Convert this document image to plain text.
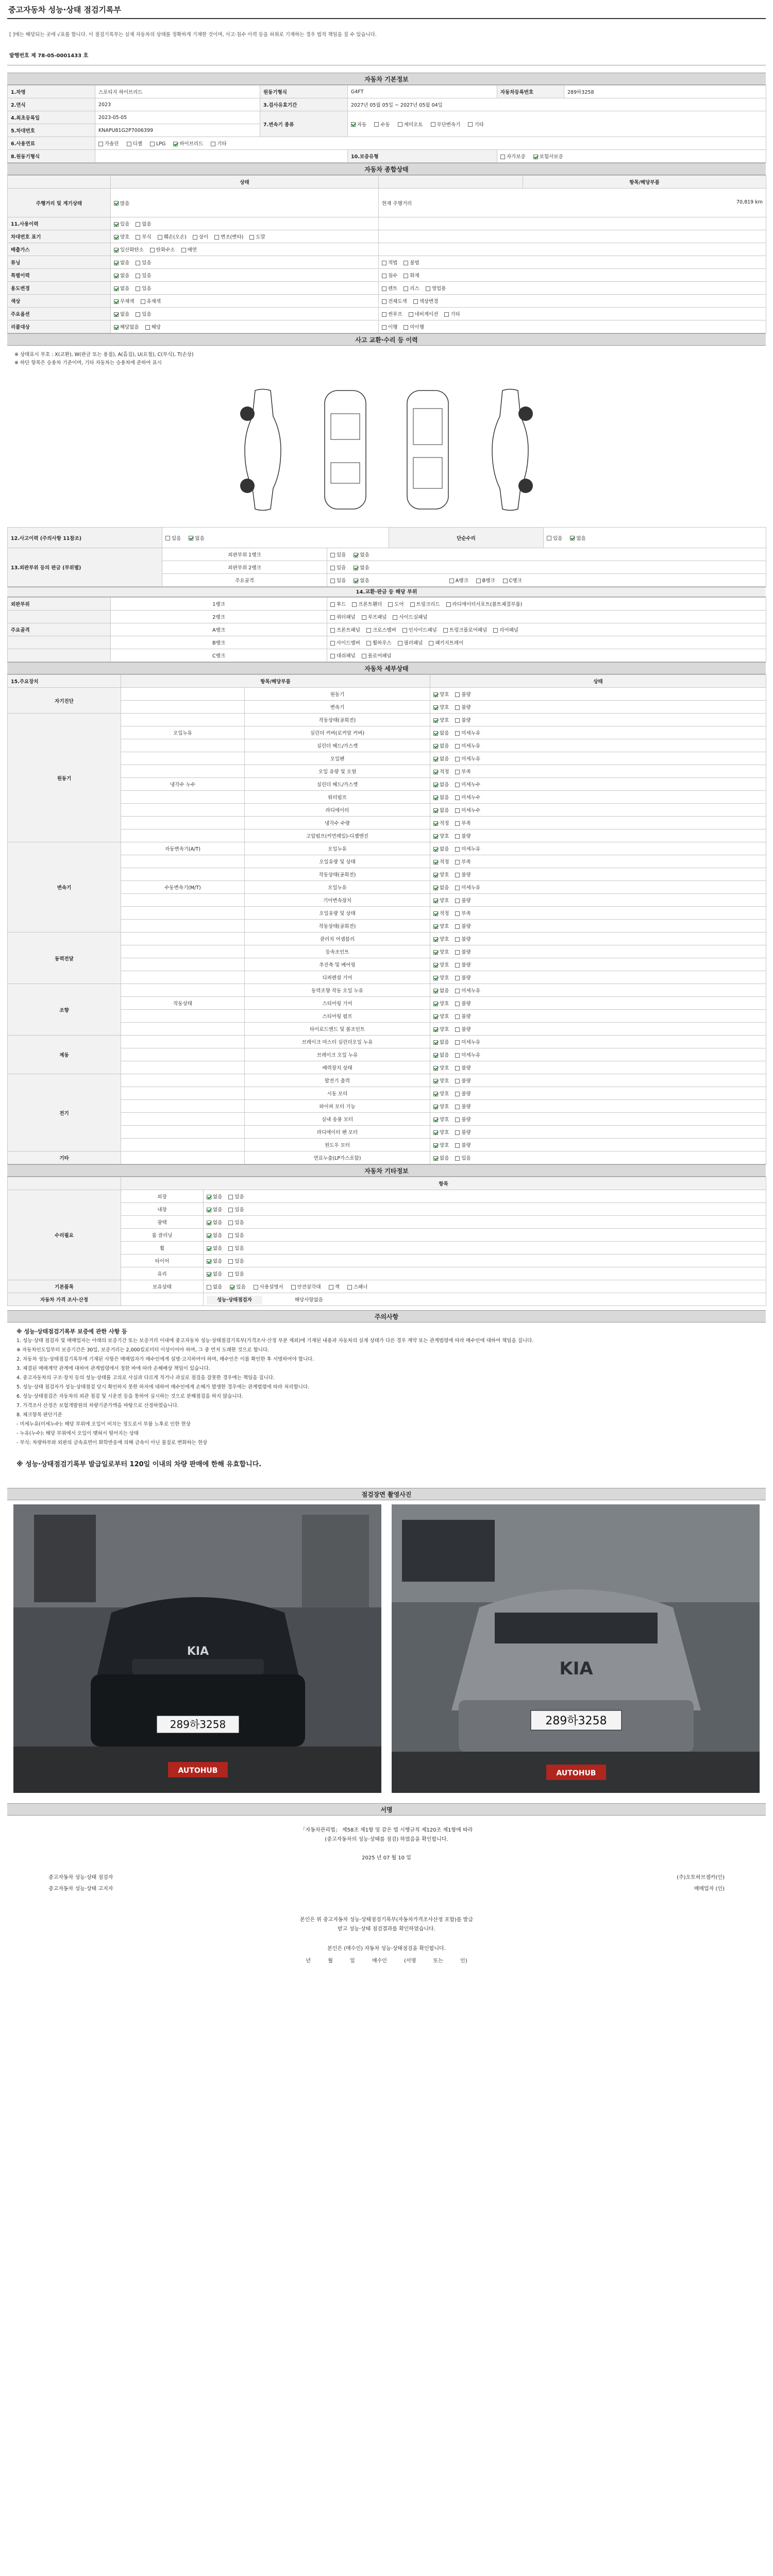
중고자동차 성능·상태 점검기록부
[ ]에는 해당되는 곳에 √표를 합니다. 이 점검기록부는 실제 자동차의 상태를 정확하게 기재한 것이며, 사고·침수 이력 등을 허위로 기재하는 경우 법적 책임을 질 수 있습니다.
발행번호 제 78-05-0001433 호
자동차 기본정보
1.차명	스포티지 하이브리드	원동기형식	G4FT	자동차등록번호	289하3258
2.연식	2023	3.검사유효기간	2027년 05월 05일 ~ 2027년 05월 04일		
4.최초등록일	2023-05-05	7.변속기 종류	자동 수동 세미오토 무단변속기 기타		
5.차대번호	KNAPU81G2P7006399				
6.사용연료	가솔린 디젤 LPG 하이브리드 기타				
8.원동기형식			10.보증유형	자가보증 보험사보증	
자동차 종합상태
	상태		항목/해당부품
주행거리 및 계기상태	많음	현재 주행거리 70,819 km	

11.사용이력	있음 없음		
차대번호 표기	양호 부식 훼손(오손) 상이 변조(변타) 도말		
배출가스	일산화탄소 탄화수소 매연		
튜닝	없음 있음	적법 불법	
특별이력	없음 있음	침수 화재	
용도변경	없음 있음	렌트 리스 영업용	
색상	무채색 유채색	전체도색 색상변경	
주요옵션	없음 있음	썬루프 네비게이션 기타	
리콜대상	해당없음 해당	이행 미이행	
사고 교환·수리 등 이력
※ 상태표시 부호 : X(교환), W(판금 또는 용접), A(흠집), U(요철), C(부식), T(손상)
※ 하단 항목은 승용차 기준이며, 기타 자동차는 승용차에 준하여 표시
12.사고이력 (주의사항 11참조)	있음 없음		단순수리	있음 없음
13.외판부위 등의 판금 (부위별)	외판부위 1랭크	있음 없음		
	외판부위 2랭크	있음 없음		
	주요골격	있음 없음 A랭크 B랭크 C랭크		
14.교환·판금 등 해당 부위
외판부위	1랭크	후드 프론트휀더 도어 트렁크리드 라디에이터서포트(볼트체결부품)
	2랭크	쿼터패널 루프패널 사이드실패널
주요골격	A랭크	프론트패널 크로스멤버 인사이드패널 트렁크플로어패널 리어패널
	B랭크	사이드멤버 휠하우스 필러패널 패키지트레이
	C랭크	대쉬패널 플로어패널
자동차 세부상태
15.주요장치	항목/해당부품		상태
자기진단		원동기	양호 불량
		변속기	양호 불량
원동기		작동상태(공회전)	양호 불량
	오일누유	실린더 커버(로커암 커버)	없음 미세누유
		실린더 헤드/가스켓	없음 미세누유
		오일팬	없음 미세누유
		오일 유량 및 오염	적정 부족
	냉각수 누수	실린더 헤드/가스켓	없음 미세누수
		워터펌프	없음 미세누수
		라디에이터	없음 미세누수
		냉각수 수량	적정 부족
		고압펌프(커먼레일)-디젤엔진	양호 불량
변속기	자동변속기(A/T)	오일누유	없음 미세누유
		오일유량 및 상태	적정 부족
		작동상태(공회전)	양호 불량
	수동변속기(M/T)	오일누유	없음 미세누유
		기어변속장치	양호 불량
		오일유량 및 상태	적정 부족
		작동상태(공회전)	양호 불량
동력전달		클러치 어셈블리	양호 불량
		등속조인트	양호 불량
		추진축 및 베어링	양호 불량
		디퍼렌셜 기어	양호 불량
조향		동력조향 작동 오일 누유	없음 미세누유
	작동상태	스티어링 기어	양호 불량
		스티어링 펌프	양호 불량
		타이로드엔드 및 볼조인트	양호 불량
제동		브레이크 마스터 실린더오일 누유	없음 미세누유
		브레이크 오일 누유	없음 미세누유
		배력장치 상태	양호 불량
전기		발전기 출력	양호 불량
		시동 모터	양호 불량
		와이퍼 모터 기능	양호 불량
		실내 송풍 모터	양호 불량
		라디에이터 팬 모터	양호 불량
		윈도우 모터	양호 불량
기타		연료누출(LP가스포함)	없음 있음
자동차 기타정보
	항목	
수리필요	외장	없음 있음
	내장	없음 있음
	광택	없음 있음
	룸 클리닝	없음 있음
	휠	없음 있음
	타이어	없음 있음
	유리	없음 있음
기본품목	보유상태	없음 있음 사용설명서 안전삼각대 잭 스패너
자동차 가격 조사·산정		성능·상태점검자 해당사항없음
주의사항
※ 성능·상태점검기록부 보증에 관한 사항 등

1. 성능·상태 점검자 및 매매업자는 아래의 보증기간 또는 보증거리 이내에 중고자동차 성능·상태점검기록부(가격조사·산정 부분 제외)에 기재된 내용과 자동차의 실제 상태가 다른 경우 계약 또는 관계법령에 따라 매수인에 대하여 책임을 집니다.

※ 자동차인도일부터 보증기간은 30일, 보증거리는 2,000킬로미터 이상이어야 하며, 그 중 먼저 도래한 것으로 합니다.

2. 자동차 성능·상태점검기록부에 기재된 사항은 매매업자가 매수인에게 설명·고지하여야 하며, 매수인은 이를 확인한 후 서명하여야 합니다.

3. 체결된 매매계약 관계에 대하여 관계법령에서 정한 바에 따라 손해배상 책임이 있습니다.

4. 중고자동차의 구조·장치 등의 성능·상태를 고의로 사실과 다르게 적거나 과실로 점검을 잘못한 경우에는 책임을 집니다.

5. 성능·상태 점검자가 성능·상태점검 당시 확인하지 못한 하자에 대하여 매수인에게 손해가 발생한 경우에는 관계법령에 따라 처리합니다.

6. 성능·상태점검은 자동차의 외관 점검 및 시운전 등을 통하여 실시하는 것으로 분해점검을 하지 않습니다.

7. 가격조사 산정은 보험개발원의 차량기준가액을 바탕으로 산정하였습니다.

8. 체크항목 판단기준

- 미세누유(미세누수): 해당 부위에 오일이 비치는 정도로서 부품 노후로 인한 현상

- 누유(누수): 해당 부위에서 오일이 맺혀서 떨어지는 상태

- 부식: 차량하부와 외판의 금속표면이 화학반응에 의해 금속이 아닌 물질로 변화하는 현상

※ 성능·상태점검기록부 발급일로부터 120일 이내의 차량 판매에 한해 유효합니다.
점검장면 촬영사진
KIA
289하3258
AUTOHUB
KIA
289하3258
AUTOHUB
서명
「자동차관리법」 제58조 제1항 및 같은 법 시행규칙 제120조 제1항에 따라
(중고자동차의 성능·상태를 점검) 하였음을 확인합니다.
2025 년 07 월 10 일
중고자동차 성능·상태 점검자	(주)오토허브셀카(인)
중고자동차 성능·상태 고지자	매매업자 (인)
본인은 위 중고자동차 성능·상태점검기록부(자동차가격조사산정 포함)를 발급
받고 성능·상태 점검결과를 확인하였습니다.
본인은 (매수인) 자동차 성능·상태점검을 확인합니다.
년	월	일	매수인	(서명 또는 인)
